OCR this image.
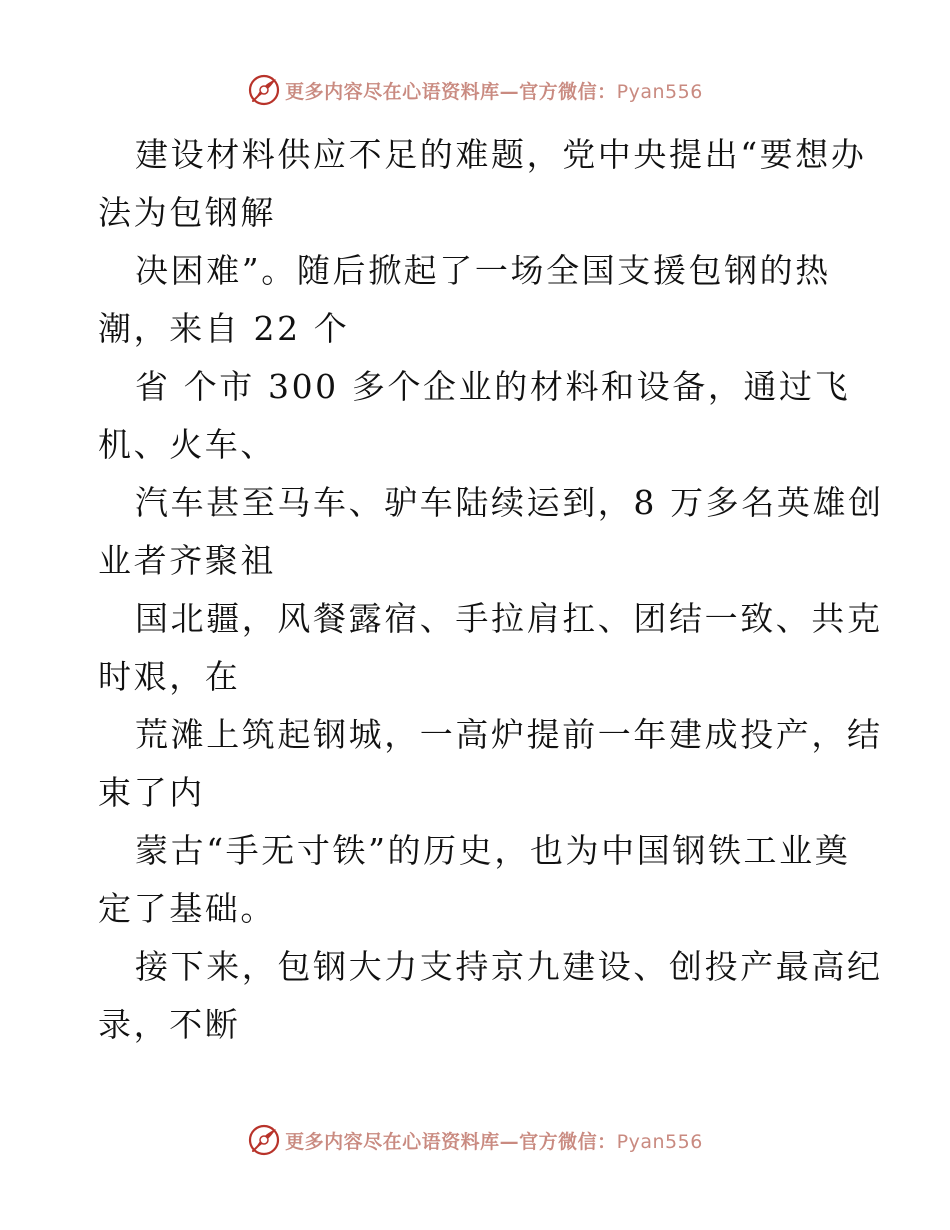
更多内容尽在心语资料库—官方微信：Pyan556
建设材料供应不足的难题，党中央提出“要想办
法为包钢解
决困难”。随后掀起了一场全国支援包钢的热
潮，来自 22 个
省 个市 300 多个企业的材料和设备，通过飞
机、火车、
汽车甚至马车、驴车陆续运到，8 万多名英雄创
业者齐聚祖
国北疆，风餐露宿、手拉肩扛、团结一致、共克
时艰，在
荒滩上筑起钢城，一高炉提前一年建成投产，结
束了内
蒙古“手无寸铁”的历史，也为中国钢铁工业奠
定了基础。
接下来，包钢大力支持京九建设、创投产最高纪
录，不断
更多内容尽在心语资料库—官方微信：Pyan556
